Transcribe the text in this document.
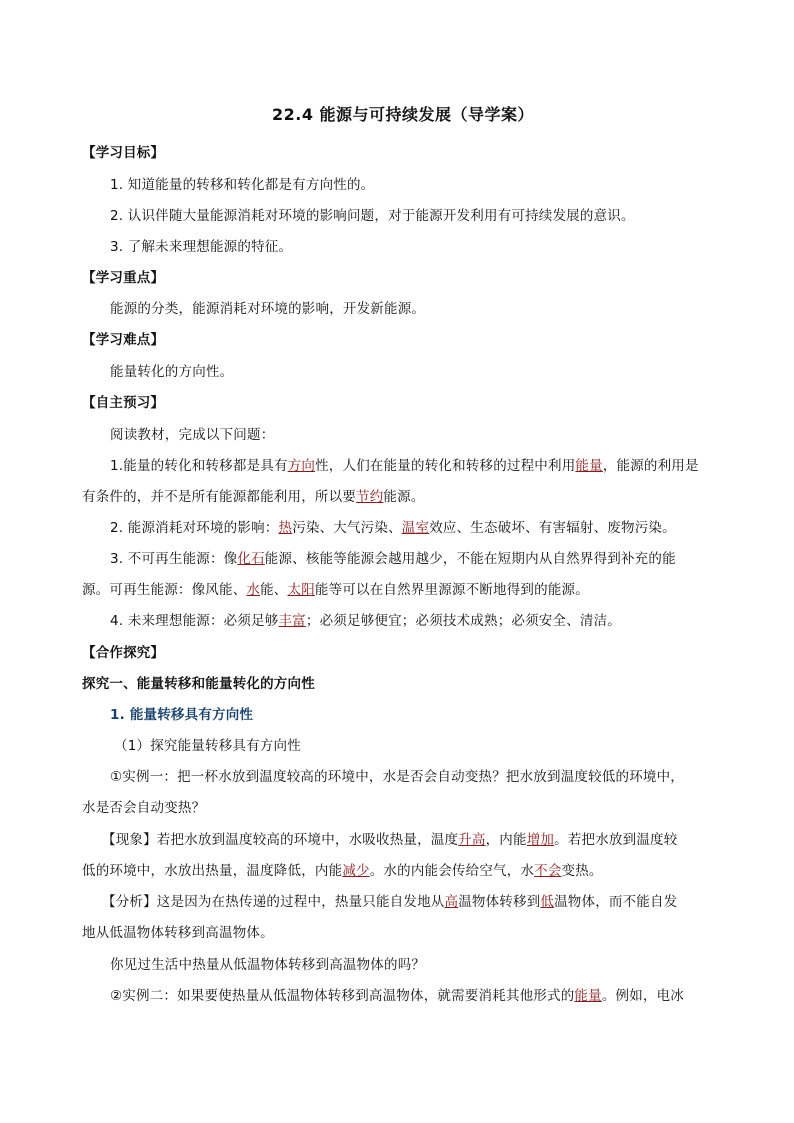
22.4 能源与可持续发展（导学案）
【学习目标】
1. 知道能量的转移和转化都是有方向性的。
2. 认识伴随大量能源消耗对环境的影响问题，对于能源开发利用有可持续发展的意识。
3. 了解未来理想能源的特征。
【学习重点】
能源的分类，能源消耗对环境的影响，开发新能源。
【学习难点】
能量转化的方向性。
【自主预习】
阅读教材，完成以下问题：
1.能量的转化和转移都是具有方向性，人们在能量的转化和转移的过程中利用能量，能源的利用是
有条件的，并不是所有能源都能利用，所以要节约能源。
2. 能源消耗对环境的影响：热污染、大气污染、温室效应、生态破坏、有害辐射、废物污染。
3. 不可再生能源：像化石能源、核能等能源会越用越少，不能在短期内从自然界得到补充的能
源。可再生能源：像风能、水能、太阳能等可以在自然界里源源不断地得到的能源。
4. 未来理想能源：必须足够丰富；必须足够便宜；必须技术成熟；必须安全、清洁。
【合作探究】
探究一、能量转移和能量转化的方向性
1. 能量转移具有方向性
（1）探究能量转移具有方向性
①实例一：把一杯水放到温度较高的环境中，水是否会自动变热？把水放到温度较低的环境中，
水是否会自动变热？
【现象】若把水放到温度较高的环境中，水吸收热量，温度升高，内能增加。若把水放到温度较
低的环境中，水放出热量，温度降低，内能减少。水的内能会传给空气，水不会变热。
【分析】这是因为在热传递的过程中，热量只能自发地从高温物体转移到低温物体，而不能自发
地从低温物体转移到高温物体。
你见过生活中热量从低温物体转移到高温物体的吗？
②实例二：如果要使热量从低温物体转移到高温物体，就需要消耗其他形式的能量。例如，电冰
